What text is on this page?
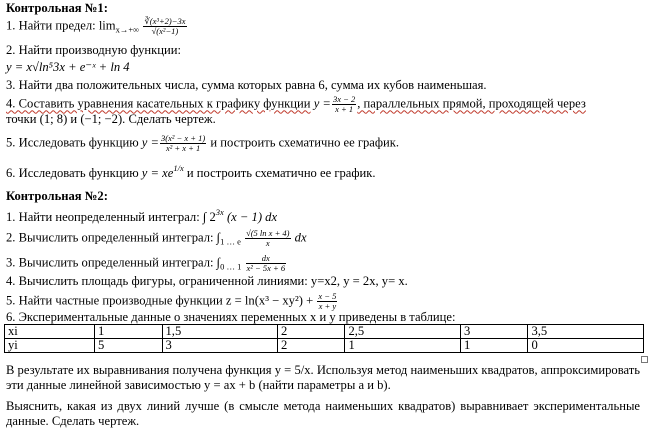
Контрольная №1:
1. Найти предел: $\lim_{x\to+\infty} \frac{\text{∛(x³+2)−3x}}{\text{√(x²−1)}}$
2. Найти производную функции:
y = x√ln⁵3x + e⁻ˣ + ln 4
3. Найти два положительных числа, сумма которых равна 6, сумма их кубов наименьшая.
4. Составить уравнения касательных к графику функции $y = \frac{3x - 2}{x + 1}$ , параллельных прямой, проходящей через
точки (1; 8) и (−1; −2). Сделать чертеж.
5. Исследовать функцию $y = \frac{\text{3(x² − x + 1)}}{\text{x² + x + 1}}$ и построить схематично ее график.
6. Исследовать функцию $y = xe^{1/x}$ и построить схематично ее график.
Контрольная №2:
1. Найти неопределенный интеграл: ∫ $2^{3x}$ (x − 1) dx
2. Вычислить определенный интеграл: $\int_{1 \dots e} \frac{\text{√(5 ln x + 4)}}{x}$ dx
3. Вычислить определенный интеграл: $\int_{0 \dots 1} \frac{dx}{\text{x² − 5x + 6}}$
4. Вычислить площадь фигуры, ограниченной линиями: y=x2, y = 2x, y= x.
5. Найти частные производные функции $z = \ln(x^3 - xy^2) + \frac{x - 5}{x + y}$
6. Экспериментальные данные о значениях переменных x и y приведены в таблице:
xi	1	1,5	2	2,5	3	3,5
yi	5	3	2	1	1	0
В результате их выравнивания получена функция y = 5/x. Используя метод наименьших квадратов, аппроксимировать эти данные линейной зависимостью y = ax + b (найти параметры a и b).
Выяснить, какая из двух линий лучше (в смысле метода наименьших квадратов) выравнивает экспериментальные данные. Сделать чертеж.
